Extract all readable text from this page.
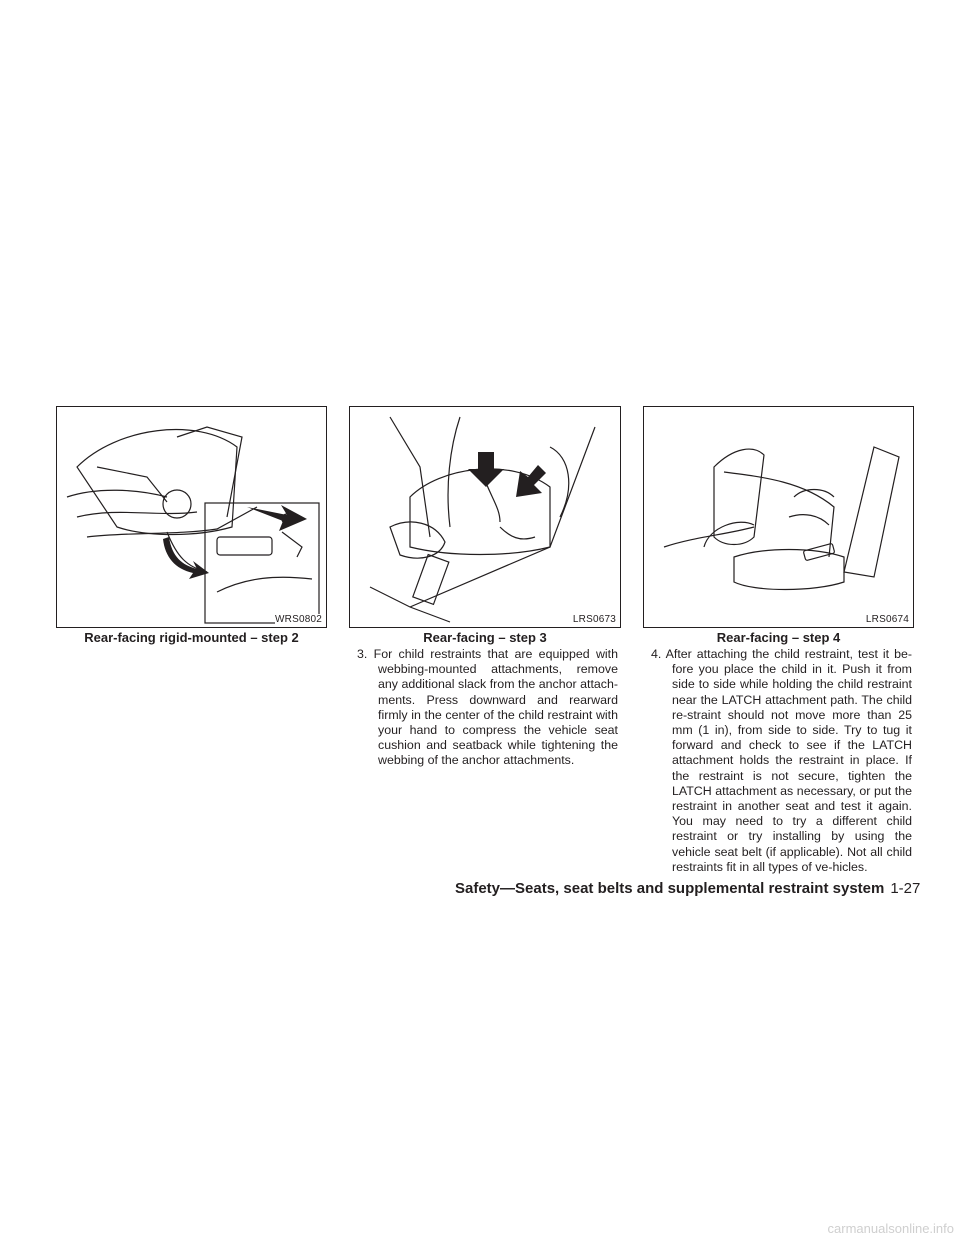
WRS0802
Rear-facing rigid-mounted – step 2
LRS0673
Rear-facing – step 3
LRS0674
Rear-facing – step 4

3. For child restraints that are equipped with webbing-mounted attachments, remove any additional slack from the anchor attach-ments. Press downward and rearward firmly in the center of the child restraint with your hand to compress the vehicle seat cushion and seatback while tightening the webbing of the anchor attachments.

4. After attaching the child restraint, test it be-fore you place the child in it. Push it from side to side while holding the child restraint near the LATCH attachment path. The child re-straint should not move more than 25 mm (1 in), from side to side. Try to tug it forward and check to see if the LATCH attachment holds the restraint in place. If the restraint is not secure, tighten the LATCH attachment as necessary, or put the restraint in another seat and test it again. You may need to try a different child restraint or try installing by using the vehicle seat belt (if applicable). Not all child restraints fit in all types of ve-hicles.

Safety—Seats, seat belts and supplemental restraint system 1-27
carmanualsonline.info
